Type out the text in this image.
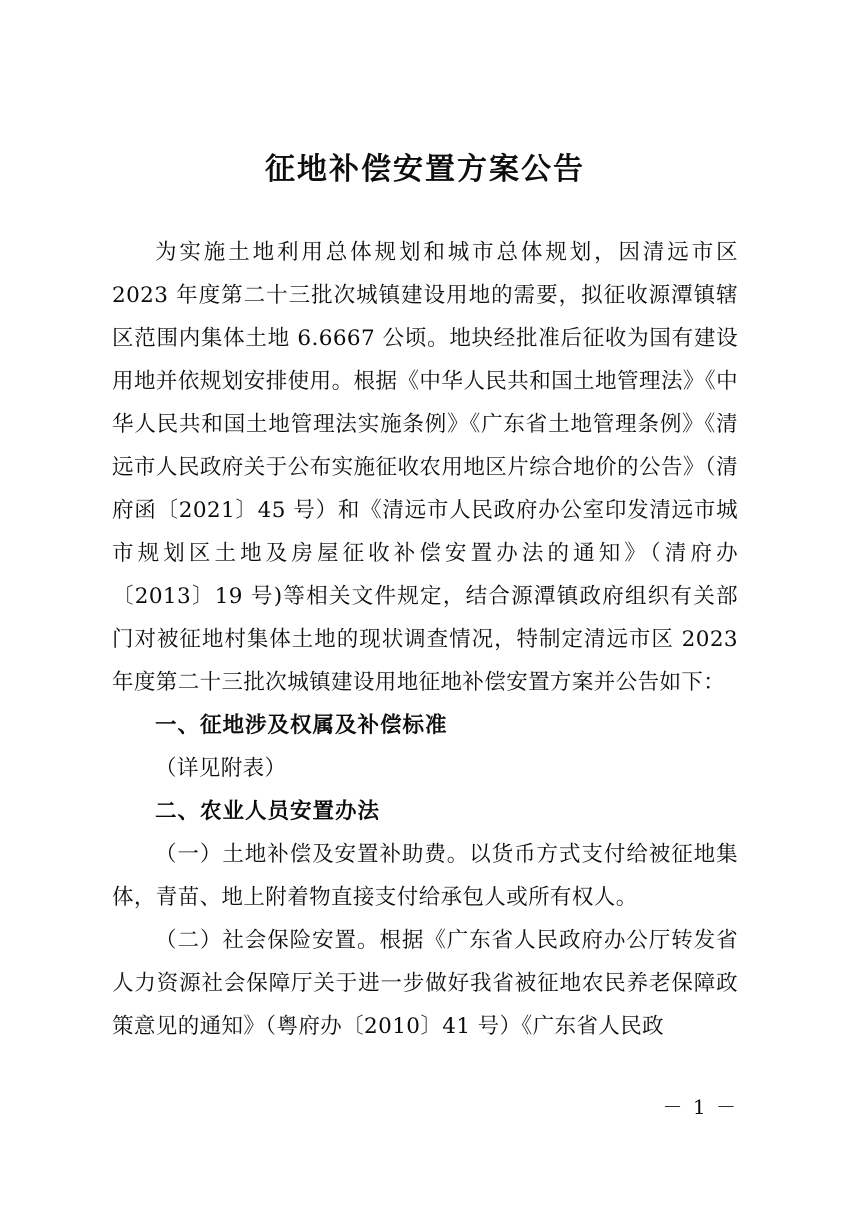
征地补偿安置方案公告

为实施土地利用总体规划和城市总体规划，因清远市区 2023 年度第二十三批次城镇建设用地的需要，拟征收源潭镇辖区范围内集体土地 6.6667 公顷。地块经批准后征收为国有建设用地并依规划安排使用。根据《中华人民共和国土地管理法》《中华人民共和国土地管理法实施条例》《广东省土地管理条例》《清远市人民政府关于公布实施征收农用地区片综合地价的公告》（清府函〔2021〕45 号）和《清远市人民政府办公室印发清远市城市规划区土地及房屋征收补偿安置办法的通知》（清府办〔2013〕19 号)等相关文件规定，结合源潭镇政府组织有关部门对被征地村集体土地的现状调查情况，特制定清远市区 2023 年度第二十三批次城镇建设用地征地补偿安置方案并公告如下：

一、征地涉及权属及补偿标准

（详见附表）

二、农业人员安置办法

（一）土地补偿及安置补助费。以货币方式支付给被征地集体，青苗、地上附着物直接支付给承包人或所有权人。

（二）社会保险安置。根据《广东省人民政府办公厅转发省人力资源社会保障厅关于进一步做好我省被征地农民养老保障政策意见的通知》（粤府办〔2010〕41 号）《广东省人民政

－ 1 －
